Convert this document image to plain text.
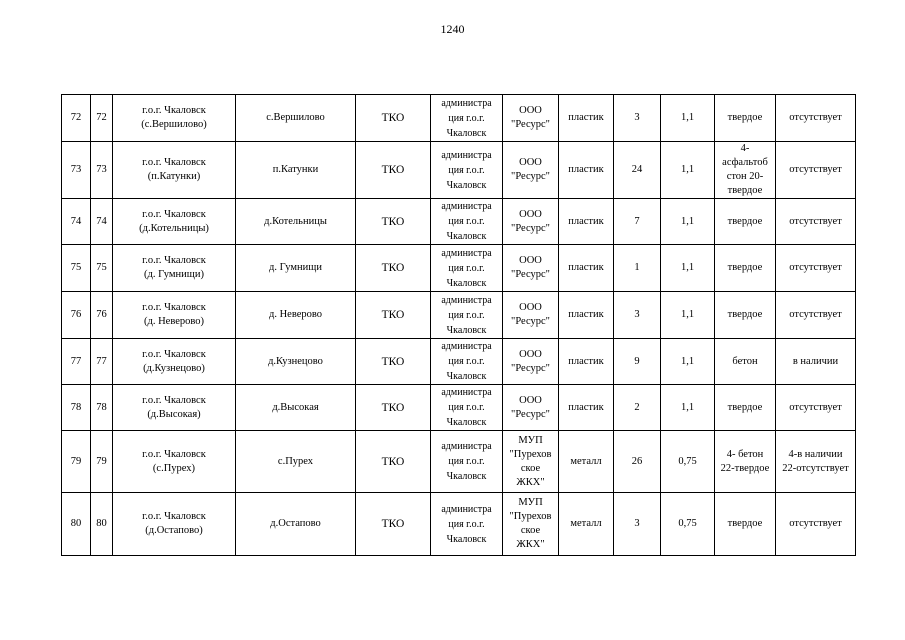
1240
72	72	г.о.г. Чкаловск
(с.Вершилово)	с.Вершилово	ТКО	администра
ция г.о.г.
Чкаловск	ООО
"Ресурс"	пластик	3	1,1	твердое	отсутствует
73	73	г.о.г. Чкаловск
(п.Катунки)	п.Катунки	ТКО	администра
ция г.о.г.
Чкаловск	ООО
"Ресурс"	пластик	24	1,1	4-
асфальтоб
стон 20-
твердое	отсутствует
74	74	г.о.г. Чкаловск
(д.Котельницы)	д.Котельницы	ТКО	администра
ция г.о.г.
Чкаловск	ООО
"Ресурс"	пластик	7	1,1	твердое	отсутствует
75	75	г.о.г. Чкаловск
(д. Гумнищи)	д. Гумнищи	ТКО	администра
ция г.о.г.
Чкаловск	ООО
"Ресурс"	пластик	1	1,1	твердое	отсутствует
76	76	г.о.г. Чкаловск
(д. Неверово)	д. Неверово	ТКО	администра
ция г.о.г.
Чкаловск	ООО
"Ресурс"	пластик	3	1,1	твердое	отсутствует
77	77	г.о.г. Чкаловск
(д.Кузнецово)	д.Кузнецово	ТКО	администра
ция г.о.г.
Чкаловск	ООО
"Ресурс"	пластик	9	1,1	бетон	в наличии
78	78	г.о.г. Чкаловск
(д.Высокая)	д.Высокая	ТКО	администра
ция г.о.г.
Чкаловск	ООО
"Ресурс"	пластик	2	1,1	твердое	отсутствует
79	79	г.о.г. Чкаловск
(с.Пурех)	с.Пурех	ТКО	администра
ция г.о.г.
Чкаловск	МУП
"Пурехов
ское
ЖКХ"	металл	26	0,75	4- бетон
22-твердое	4-в наличии
22-отсутствует
80	80	г.о.г. Чкаловск
(д.Остапово)	д.Остапово	ТКО	администра
ция г.о.г.
Чкаловск	МУП
"Пурехов
ское
ЖКХ"	металл	3	0,75	твердое	отсутствует
